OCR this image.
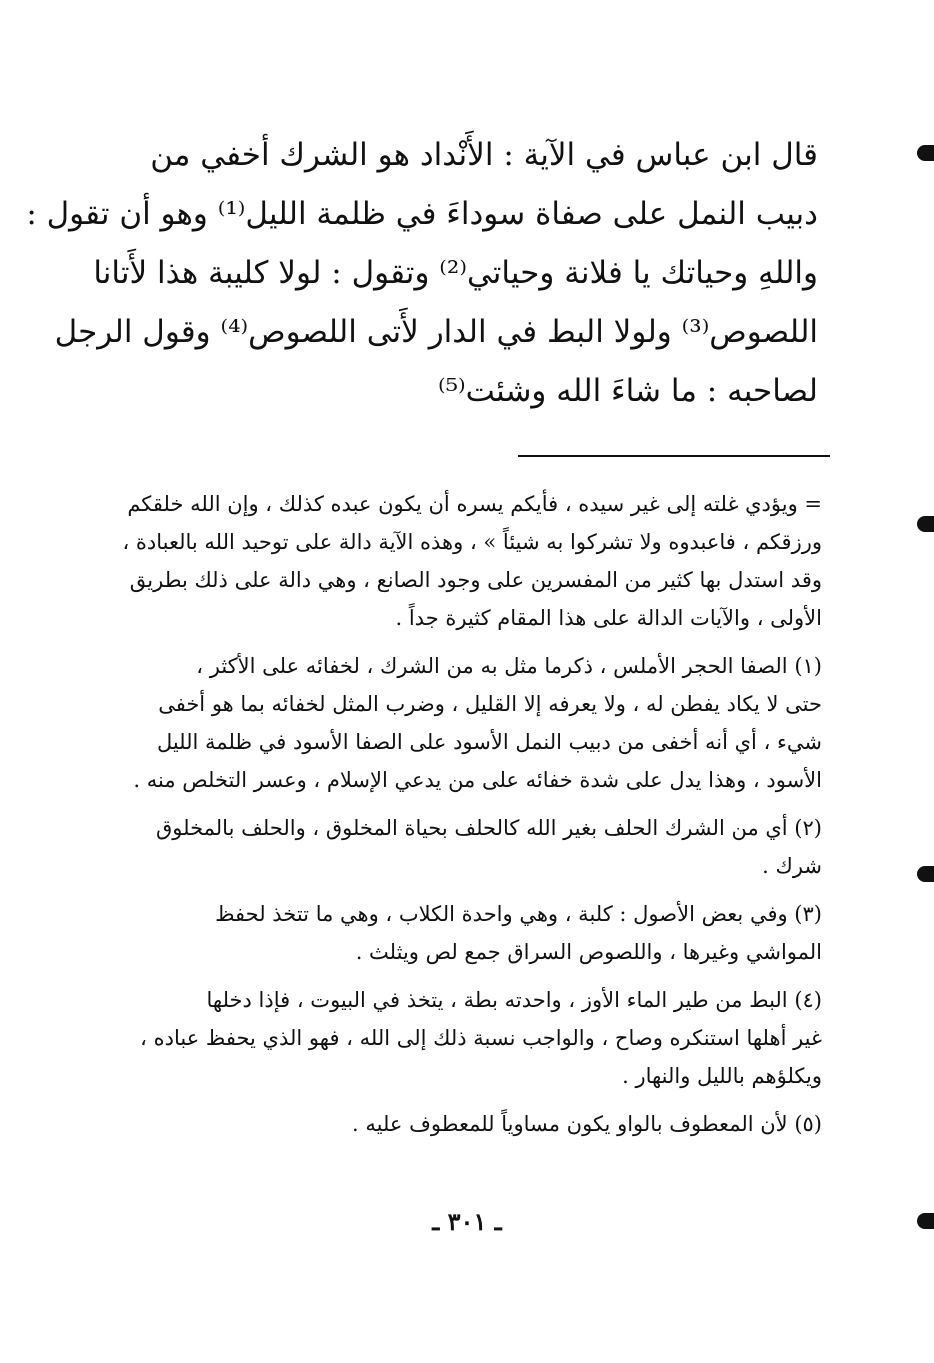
قال ابن عباس في الآية : الأَنْداد هو الشرك أخفي من
دبيب النمل على صفاة سوداءَ في ظلمة الليل⁽¹⁾ وهو أن تقول :
واللهِ وحياتك يا فلانة وحياتي⁽²⁾ وتقول : لولا كليبة هذا لأَتانا
اللصوص⁽³⁾ ولولا البط في الدار لأَتى اللصوص⁽⁴⁾ وقول الرجل
لصاحبه : ما شاءَ الله وشئت⁽⁵⁾
= ويؤدي غلته إلى غير سيده ، فأيكم يسره أن يكون عبده كذلك ، وإن الله خلقكم
ورزقكم ، فاعبدوه ولا تشركوا به شيئاً » ، وهذه الآية دالة على توحيد الله بالعبادة ،
وقد استدل بها كثير من المفسرين على وجود الصانع ، وهي دالة على ذلك بطريق
الأولى ، والآيات الدالة على هذا المقام كثيرة جداً .
(١) الصفا الحجر الأملس ، ذكرما مثل به من الشرك ، لخفائه على الأكثر ،
حتى لا يكاد يفطن له ، ولا يعرفه إلا القليل ، وضرب المثل لخفائه بما هو أخفى
شيء ، أي أنه أخفى من دبيب النمل الأسود على الصفا الأسود في ظلمة الليل
الأسود ، وهذا يدل على شدة خفائه على من يدعي الإسلام ، وعسر التخلص منه .
(٢) أي من الشرك الحلف بغير الله كالحلف بحياة المخلوق ، والحلف بالمخلوق
شرك .
(٣) وفي بعض الأصول : كلبة ، وهي واحدة الكلاب ، وهي ما تتخذ لحفظ
المواشي وغيرها ، واللصوص السراق جمع لص ويثلث .
(٤) البط من طير الماء الأوز ، واحدته بطة ، يتخذ في البيوت ، فإذا دخلها
غير أهلها استنكره وصاح ، والواجب نسبة ذلك إلى الله ، فهو الذي يحفظ عباده ،
ويكلؤهم بالليل والنهار .
(٥) لأن المعطوف بالواو يكون مساوياً للمعطوف عليه .
ـ ٣٠١ ـ
